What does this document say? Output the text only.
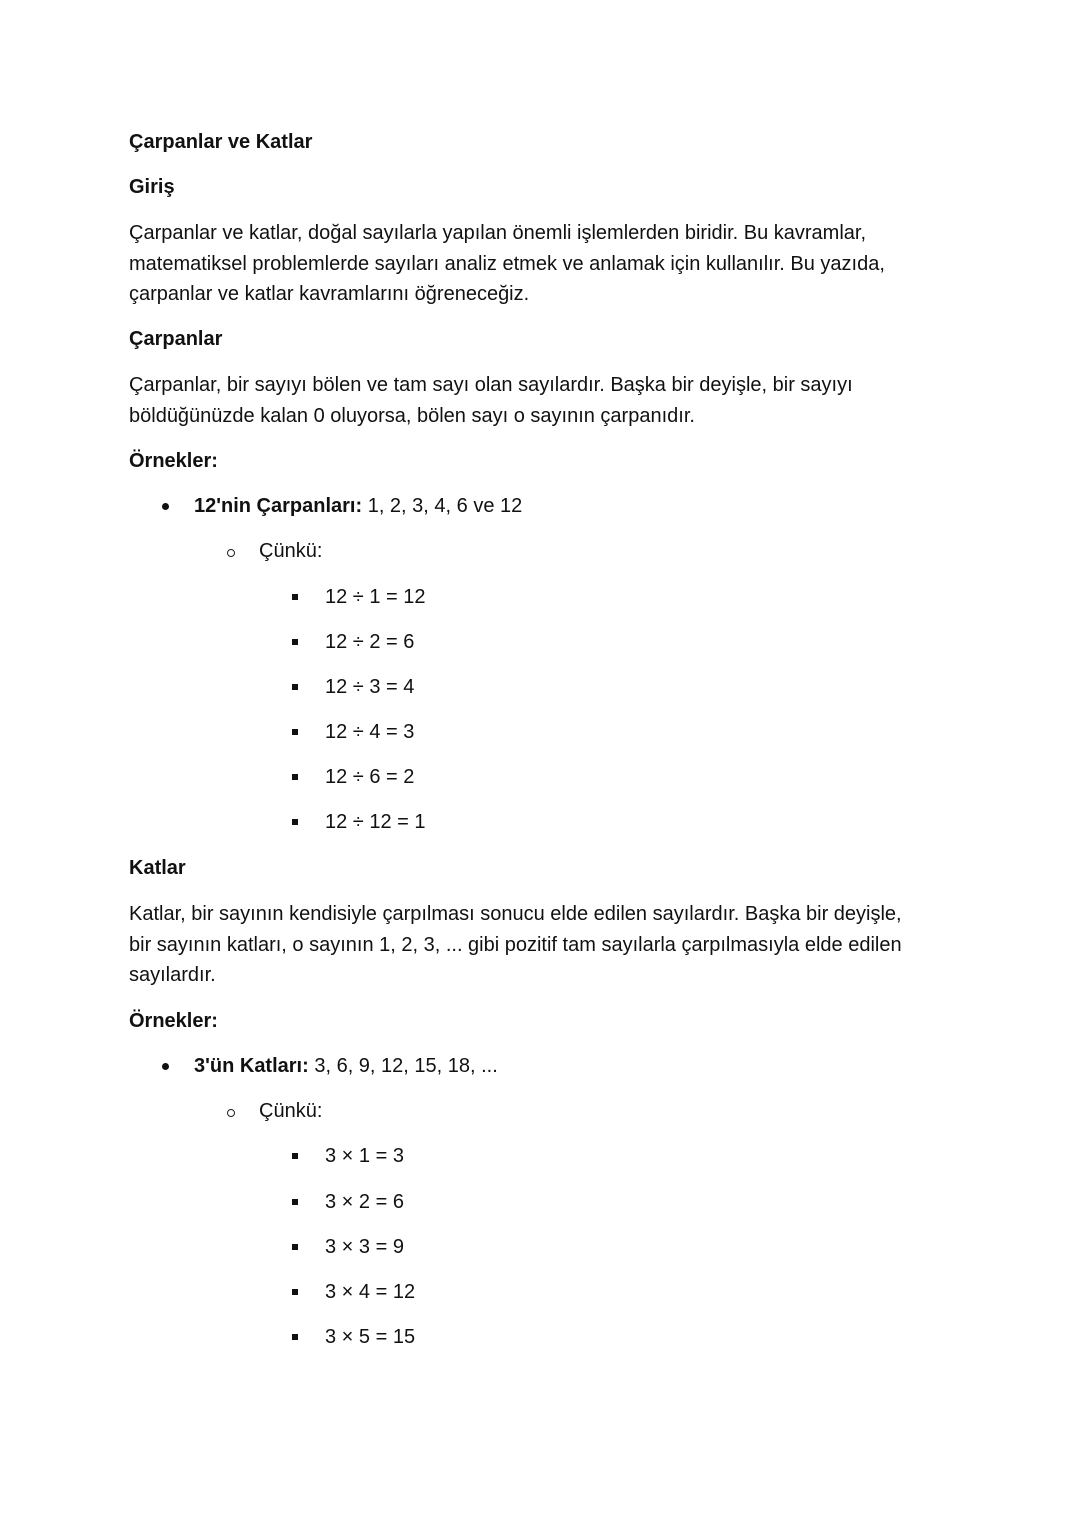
Çarpanlar ve Katlar
Giriş
Çarpanlar ve katlar, doğal sayılarla yapılan önemli işlemlerden biridir. Bu kavramlar,
matematiksel problemlerde sayıları analiz etmek ve anlamak için kullanılır. Bu yazıda,
çarpanlar ve katlar kavramlarını öğreneceğiz.
Çarpanlar
Çarpanlar, bir sayıyı bölen ve tam sayı olan sayılardır. Başka bir deyişle, bir sayıyı
böldüğünüzde kalan 0 oluyorsa, bölen sayı o sayının çarpanıdır.
Örnekler:
12'nin Çarpanları: 1, 2, 3, 4, 6 ve 12
Çünkü:
12 ÷ 1 = 12
12 ÷ 2 = 6
12 ÷ 3 = 4
12 ÷ 4 = 3
12 ÷ 6 = 2
12 ÷ 12 = 1
Katlar
Katlar, bir sayının kendisiyle çarpılması sonucu elde edilen sayılardır. Başka bir deyişle,
bir sayının katları, o sayının 1, 2, 3, ... gibi pozitif tam sayılarla çarpılmasıyla elde edilen
sayılardır.
Örnekler:
3'ün Katları: 3, 6, 9, 12, 15, 18, ...
Çünkü:
3 × 1 = 3
3 × 2 = 6
3 × 3 = 9
3 × 4 = 12
3 × 5 = 15
